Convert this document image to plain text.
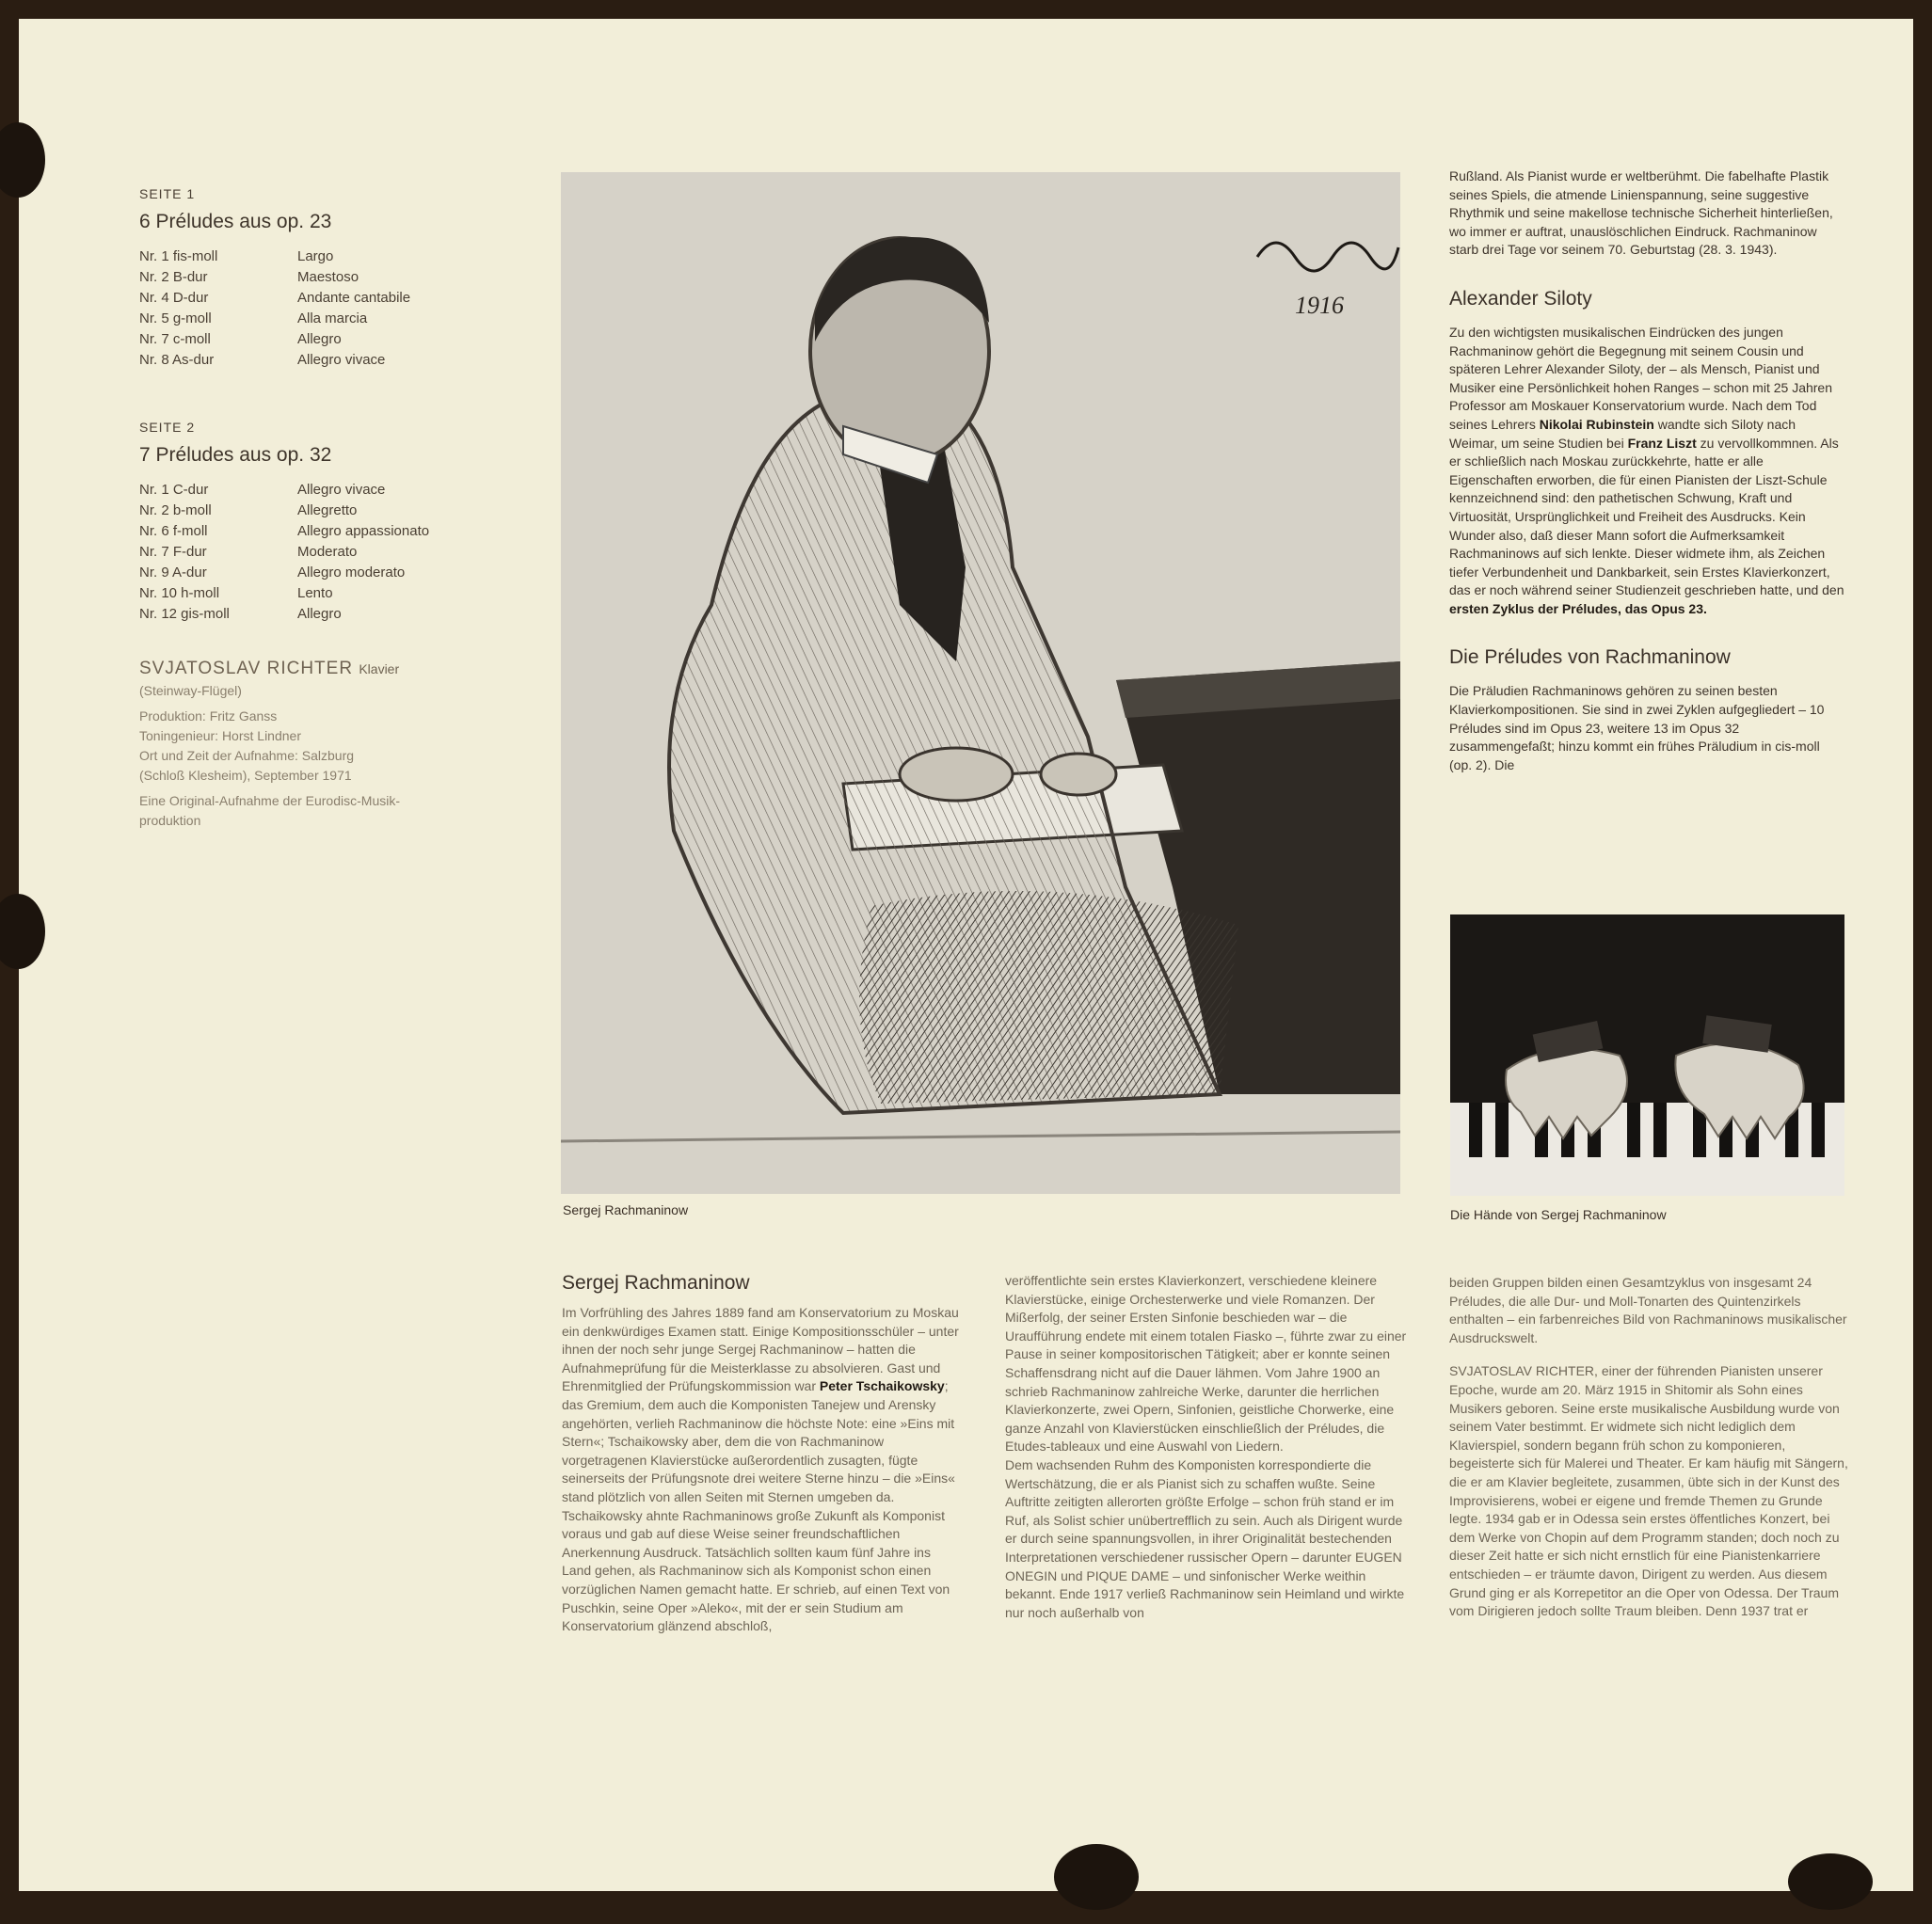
SEITE 1
6 Préludes aus op. 23
Nr. 1 fis-moll	Largo
Nr. 2 B-dur	Maestoso
Nr. 4 D-dur	Andante cantabile
Nr. 5 g-moll	Alla marcia
Nr. 7 c-moll	Allegro
Nr. 8 As-dur	Allegro vivace
SEITE 2
7 Préludes aus op. 32
Nr. 1 C-dur	Allegro vivace
Nr. 2 b-moll	Allegretto
Nr. 6 f-moll	Allegro appassionato
Nr. 7 F-dur	Moderato
Nr. 9 A-dur	Allegro moderato
Nr. 10 h-moll	Lento
Nr. 12 gis-moll	Allegro
SVJATOSLAV RICHTER Klavier

(Steinway-Flügel)

Produktion: Fritz Ganss

Toningenieur: Horst Lindner

Ort und Zeit der Aufnahme: Salzburg

(Schloß Klesheim), September 1971

Eine Original-Aufnahme der Eurodisc-Musik-

produktion

1916
Sergej Rachmaninow

Rußland. Als Pianist wurde er weltberühmt. Die fabelhafte Plastik seines Spiels, die atmende Linienspannung, seine suggestive Rhythmik und seine makellose technische Sicherheit hinterließen, wo immer er auftrat, unauslöschlichen Eindruck. Rachmaninow starb drei Tage vor seinem 70. Geburtstag (28. 3. 1943).

Alexander Siloty

Zu den wichtigsten musikalischen Eindrücken des jungen Rachmaninow gehört die Begegnung mit seinem Cousin und späteren Lehrer Alexander Siloty, der – als Mensch, Pianist und Musiker eine Persönlichkeit hohen Ranges – schon mit 25 Jahren Professor am Moskauer Konservatorium wurde. Nach dem Tod seines Lehrers Nikolai Rubinstein wandte sich Siloty nach Weimar, um seine Studien bei Franz Liszt zu vervollkommnen. Als er schließlich nach Moskau zurückkehrte, hatte er alle Eigenschaften erworben, die für einen Pianisten der Liszt-Schule kennzeichnend sind: den pathetischen Schwung, Kraft und Virtuosität, Ursprünglichkeit und Freiheit des Ausdrucks. Kein Wunder also, daß dieser Mann sofort die Aufmerksamkeit Rachmaninows auf sich lenkte. Dieser widmete ihm, als Zeichen tiefer Verbundenheit und Dankbarkeit, sein Erstes Klavierkonzert, das er noch während seiner Studienzeit geschrieben hatte, und den ersten Zyklus der Préludes, das Opus 23.

Die Préludes von Rachmaninow

Die Präludien Rachmaninows gehören zu seinen besten Klavierkompositionen. Sie sind in zwei Zyklen aufgegliedert – 10 Préludes sind im Opus 23, weitere 13 im Opus 32 zusammengefaßt; hinzu kommt ein frühes Präludium in cis-moll (op. 2). Die

Die Hände von Sergej Rachmaninow
Sergej Rachmaninow

Im Vorfrühling des Jahres 1889 fand am Konservatorium zu Moskau ein denkwürdiges Examen statt. Einige Kompositionsschüler – unter ihnen der noch sehr junge Sergej Rachmaninow – hatten die Aufnahmeprüfung für die Meisterklasse zu absolvieren. Gast und Ehrenmitglied der Prüfungskommission war Peter Tschaikowsky; das Gremium, dem auch die Komponisten Tanejew und Arensky angehörten, verlieh Rachmaninow die höchste Note: eine »Eins mit Stern«; Tschaikowsky aber, dem die von Rachmaninow vorgetragenen Klavierstücke außerordentlich zusagten, fügte seinerseits der Prüfungsnote drei weitere Sterne hinzu – die »Eins« stand plötzlich von allen Seiten mit Sternen umgeben da. Tschaikowsky ahnte Rachmaninows große Zukunft als Komponist voraus und gab auf diese Weise seiner freundschaftlichen Anerkennung Ausdruck. Tatsächlich sollten kaum fünf Jahre ins Land gehen, als Rachmaninow sich als Komponist schon einen vorzüglichen Namen gemacht hatte. Er schrieb, auf einen Text von Puschkin, seine Oper »Aleko«, mit der er sein Studium am Konservatorium glänzend abschloß,

veröffentlichte sein erstes Klavierkonzert, verschiedene kleinere Klavierstücke, einige Orchesterwerke und viele Romanzen. Der Mißerfolg, der seiner Ersten Sinfonie beschieden war – die Uraufführung endete mit einem totalen Fiasko –, führte zwar zu einer Pause in seiner kompositorischen Tätigkeit; aber er konnte seinen Schaffensdrang nicht auf die Dauer lähmen. Vom Jahre 1900 an schrieb Rachmaninow zahlreiche Werke, darunter die herrlichen Klavierkonzerte, zwei Opern, Sinfonien, geistliche Chorwerke, eine ganze Anzahl von Klavierstücken einschließlich der Préludes, die Etudes-tableaux und eine Auswahl von Liedern.

Dem wachsenden Ruhm des Komponisten korrespondierte die Wertschätzung, die er als Pianist sich zu schaffen wußte. Seine Auftritte zeitigten allerorten größte Erfolge – schon früh stand er im Ruf, als Solist schier unübertrefflich zu sein. Auch als Dirigent wurde er durch seine spannungsvollen, in ihrer Originalität bestechenden Interpretationen verschiedener russischer Opern – darunter EUGEN ONEGIN und PIQUE DAME – und sinfonischer Werke weithin bekannt. Ende 1917 verließ Rachmaninow sein Heimland und wirkte nur noch außerhalb von

beiden Gruppen bilden einen Gesamtzyklus von insgesamt 24 Préludes, die alle Dur- und Moll-Tonarten des Quintenzirkels enthalten – ein farbenreiches Bild von Rachmaninows musikalischer Ausdruckswelt.

SVJATOSLAV RICHTER, einer der führenden Pianisten unserer Epoche, wurde am 20. März 1915 in Shitomir als Sohn eines Musikers geboren. Seine erste musikalische Ausbildung wurde von seinem Vater bestimmt. Er widmete sich nicht lediglich dem Klavierspiel, sondern begann früh schon zu komponieren, begeisterte sich für Malerei und Theater. Er kam häufig mit Sängern, die er am Klavier begleitete, zusammen, übte sich in der Kunst des Improvisierens, wobei er eigene und fremde Themen zu Grunde legte. 1934 gab er in Odessa sein erstes öffentliches Konzert, bei dem Werke von Chopin auf dem Programm standen; doch noch zu dieser Zeit hatte er sich nicht ernstlich für eine Pianistenkarriere entschieden – er träumte davon, Dirigent zu werden. Aus diesem Grund ging er als Korrepetitor an die Oper von Odessa. Der Traum vom Dirigieren jedoch sollte Traum bleiben. Denn 1937 trat er
